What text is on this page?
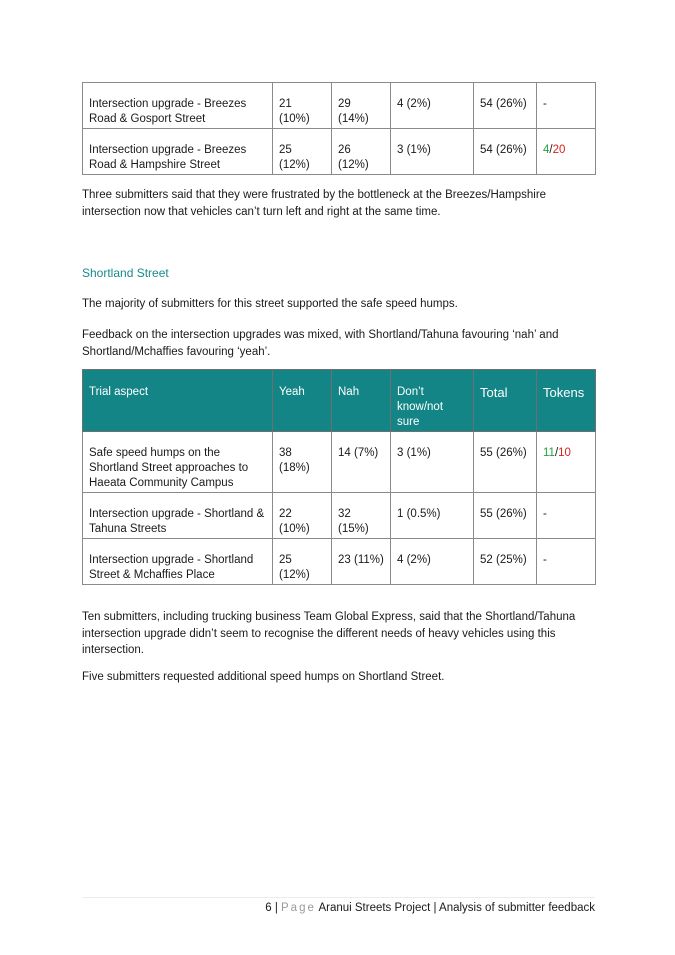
Intersection upgrade - Breezes Road & Gosport Street	21 (10%)	29 (14%)	4 (2%)	54 (26%)	-
Intersection upgrade - Breezes Road & Hampshire Street	25 (12%)	26 (12%)	3 (1%)	54 (26%)	4/20

Three submitters said that they were frustrated by the bottleneck at the Breezes/Hampshire intersection now that vehicles can’t turn left and right at the same time.

Shortland Street

The majority of submitters for this street supported the safe speed humps.

Feedback on the intersection upgrades was mixed, with Shortland/Tahuna favouring ‘nah’ and Shortland/Mchaffies favouring ‘yeah’.

Trial aspect	Yeah	Nah	Don’t know/not sure	Total	Tokens
Safe speed humps on the Shortland Street approaches to Haeata Community Campus	38 (18%)	14 (7%)	3 (1%)	55 (26%)	11/10
Intersection upgrade - Shortland & Tahuna Streets	22 (10%)	32 (15%)	1 (0.5%)	55 (26%)	-
Intersection upgrade - Shortland Street & Mchaffies Place	25 (12%)	23 (11%)	4 (2%)	52 (25%)	-

Ten submitters, including trucking business Team Global Express, said that the Shortland/Tahuna intersection upgrade didn’t seem to recognise the different needs of heavy vehicles using this intersection.

Five submitters requested additional speed humps on Shortland Street.

6 | Page Aranui Streets Project | Analysis of submitter feedback
